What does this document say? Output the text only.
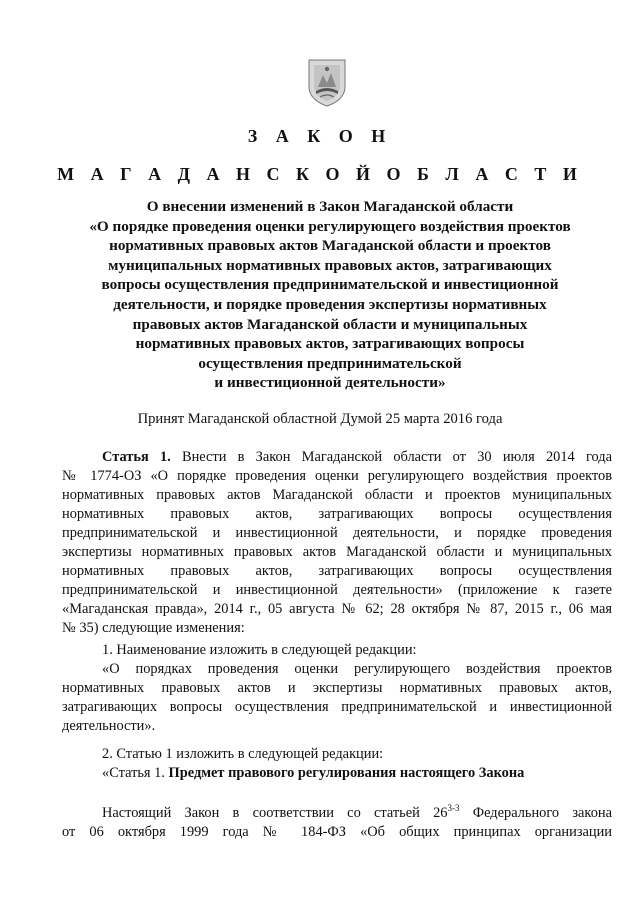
З А К О Н

М А Г А Д А Н С К О Й О Б Л А С Т И

О внесении изменений в Закон Магаданской области
«О порядке проведения оценки регулирующего воздействия проектов
нормативных правовых актов Магаданской области и проектов
муниципальных нормативных правовых актов, затрагивающих
вопросы осуществления предпринимательской и инвестиционной
деятельности, и порядке проведения экспертизы нормативных
правовых актов Магаданской области и муниципальных
нормативных правовых актов, затрагивающих вопросы
осуществления предпринимательской
и инвестиционной деятельности»

Принят Магаданской областной Думой 25 марта 2016 года

Статья 1. Внести в Закон Магаданской области от 30 июля 2014 года
№ 1774-ОЗ «О порядке проведения оценки регулирующего воздействия проектов
нормативных правовых актов Магаданской области и проектов муниципальных
нормативных правовых актов, затрагивающих вопросы осуществления
предпринимательской и инвестиционной деятельности, и порядке проведения
экспертизы нормативных правовых актов Магаданской области и муниципальных
нормативных правовых актов, затрагивающих вопросы осуществления
предпринимательской и инвестиционной деятельности» (приложение к газете
«Магаданская правда», 2014 г., 05 августа № 62; 28 октября № 87, 2015 г., 06 мая
№ 35) следующие изменения:
1. Наименование изложить в следующей редакции:
«О порядках проведения оценки регулирующего воздействия проектов
нормативных правовых актов и экспертизы нормативных правовых актов,
затрагивающих вопросы осуществления предпринимательской и инвестиционной
деятельности».
2. Статью 1 изложить в следующей редакции:
«Статья 1. Предмет правового регулирования настоящего Закона
Настоящий Закон в соответствии со статьей 26$^{3-3}$ Федерального закона
от 06 октября 1999 года № 184-ФЗ «Об общих принципах организации
